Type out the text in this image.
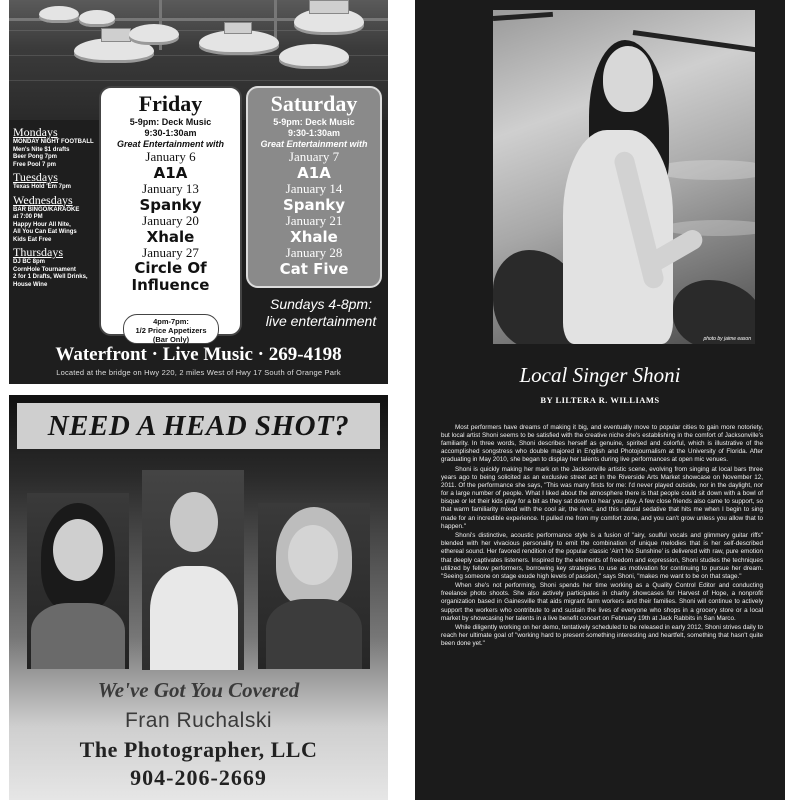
Mondays
MONDAY NIGHT FOOTBALL
Men's Nite $1 drafts
Beer Pong 7pm
Free Pool 7 pm
Tuesdays
Texas Hold 'Em 7pm
Wednesdays
BAR BINGO/KARAOKE
at 7:00 PM
Happy Hour All Nite,
All You Can Eat Wings
Kids Eat Free
Thursdays
DJ BC 8pm
CornHole Tournament
2 for 1 Drafts, Well Drinks,
House Wine
Friday
5-9pm: Deck Music
9:30-1:30am
Great Entertainment with
January 6
A1A
January 13
Spanky
January 20
Xhale
January 27
Circle Of Influence
4pm-7pm:
1/2 Price Appetizers
(Bar Only)
Saturday
5-9pm: Deck Music
9:30-1:30am
Great Entertainment with
January 7
A1A
January 14
Spanky
January 21
Xhale
January 28
Cat Five
Sundays 4-8pm:
live entertainment
Waterfront · Live Music · 269-4198
Located at the bridge on Hwy 220, 2 miles West of Hwy 17 South of Orange Park
NEED A HEAD SHOT?
We've Got You Covered
Fran Ruchalski
The Photographer, LLC
904-206-2669
photo by jaime eason
Local Singer Shoni
BY LILTERA R. WILLIAMS

Most performers have dreams of making it big, and eventually move to popular cities to gain more notoriety, but local artist Shoni seems to be satisfied with the creative niche she's establishing in the comfort of Jacksonville's familiarity. In three words, Shoni describes herself as genuine, spirited and colorful, which is illustrative of the accomplished songstress who double majored in English and Photojournalism at the University of Florida. After graduating in May 2010, she began to display her talents during live performances at open mic venues.

Shoni is quickly making her mark on the Jacksonville artistic scene, evolving from singing at local bars three years ago to being solicited as an exclusive street act in the Riverside Arts Market showcase on November 12, 2011. Of the performance she says, "This was many firsts for me: I'd never played outside, nor in the daylight, nor for a large number of people. What I liked about the atmosphere there is that people could sit down with a bowl of bisque or let their kids play for a bit as they sat down to hear you play. A few close friends also came to support, so that warm familiarity mixed with the cool air, the river, and this natural sedative that hits me when I begin to sing made for an incredible experience. It pulled me from my comfort zone, and you can't grow unless you allow that to happen."

Shoni's distinctive, acoustic performance style is a fusion of "airy, soulful vocals and glimmery guitar riffs" blended with her vivacious personality to emit the combination of unique melodies that is her self-described ethereal sound. Her favored rendition of the popular classic 'Ain't No Sunshine' is delivered with raw, pure emotion that deeply captivates listeners. Inspired by the elements of freedom and expression, Shoni studies the techniques utilized by fellow performers, borrowing key strategies to use as motivation for continuing to pursue her dream. "Seeing someone on stage exude high levels of passion," says Shoni, "makes me want to be on that stage."

When she's not performing, Shoni spends her time working as a Quality Control Editor and conducting freelance photo shoots. She also actively participates in charity showcases for Harvest of Hope, a nonprofit organization based in Gainesville that aids migrant farm workers and their families. Shoni will continue to actively support the workers who contribute to and sustain the lives of everyone who shops in a grocery store or a local market by showcasing her talents in a live benefit concert on February 19th at Jack Rabbits in San Marco.

While diligently working on her demo, tentatively scheduled to be released in early 2012, Shoni strives daily to reach her ultimate goal of "working hard to present something interesting and heartfelt, something that hasn't quite been done yet."
